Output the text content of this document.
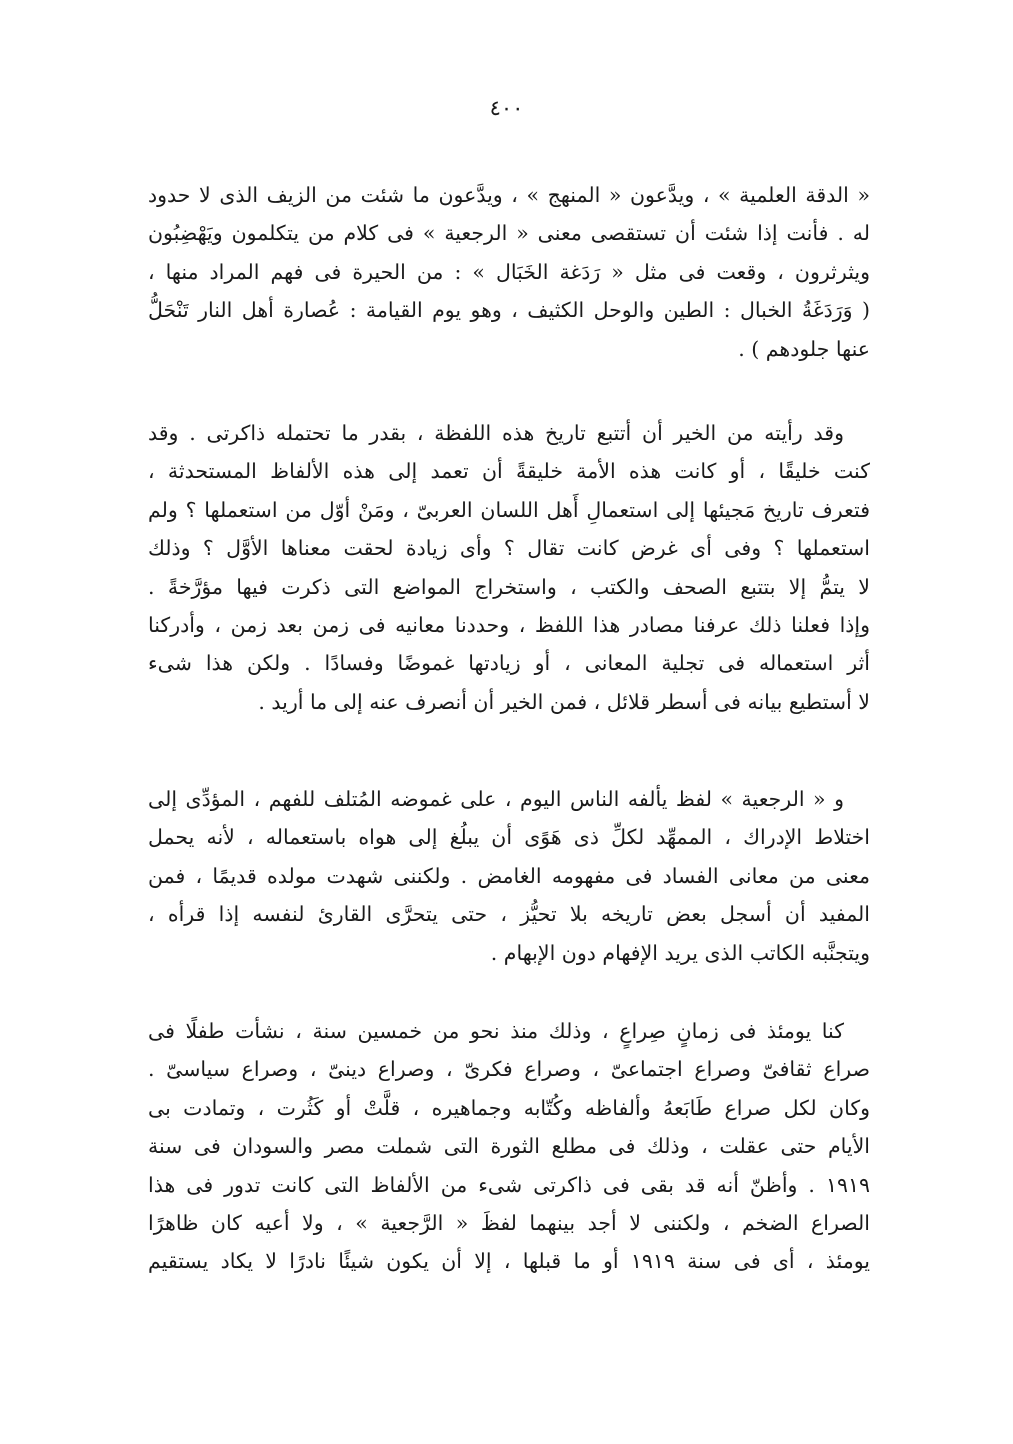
٤٠٠
« الدقة العلمية » ، ويدَّعون « المنهج » ، ويدَّعون ما شئت من الزيف الذى لا حدود
له . فأنت إذا شئت أن تستقصى معنى « الرجعية » فى كلام من يتكلمون ويَهْضِبُون
ويثرثرون ، وقعت فى مثل « رَدَغة الخَبَال » : من الحيرة فى فهم المراد منها ،
( وَرَدَغَةُ الخبال : الطين والوحل الكثيف ، وهو يوم القيامة : عُصارة أهل النار تَنْحَلُّ
عنها جلودهم ) .
وقد رأيته من الخير أن أتتبع تاريخ هذه اللفظة ، بقدر ما تحتمله ذاكرتى . وقد
كنت خليقًا ، أو كانت هذه الأمة خليقةً أن تعمد إلى هذه الألفاظ المستحدثة ،
فتعرف تاريخ مَجيئها إلى استعمالِ أَهل اللسان العربىّ ، ومَنْ أوّل من استعملها ؟ ولم
استعملها ؟ وفى أى غرض كانت تقال ؟ وأى زيادة لحقت معناها الأوَّل ؟ وذلك
لا يتمُّ إلا بتتبع الصحف والكتب ، واستخراج المواضع التى ذكرت فيها مؤرَّخةً .
وإذا فعلنا ذلك عرفنا مصادر هذا اللفظ ، وحددنا معانيه فى زمن بعد زمن ، وأدركنا
أثر استعماله فى تجلية المعانى ، أو زيادتها غموضًا وفسادًا . ولكن هذا شىء
لا أستطيع بيانه فى أسطر قلائل ، فمن الخير أن أنصرف عنه إلى ما أريد .
و « الرجعية » لفظ يألفه الناس اليوم ، على غموضه المُتلف للفهم ، المؤدِّى إلى
اختلاط الإدراك ، الممهِّد لكلِّ ذى هَوًى أن يبلُغ إلى هواه باستعماله ، لأنه يحمل
معنى من معانى الفساد فى مفهومه الغامض . ولكننى شهدت مولده قديمًا ، فمن
المفيد أن أسجل بعض تاريخه بلا تحيُّز ، حتى يتحرَّى القارئ لنفسه إذا قرأه ،
ويتجنَّبه الكاتب الذى يريد الإفهام دون الإبهام .
كنا يومئذ فى زمانٍ صِراعٍ ، وذلك منذ نحو من خمسين سنة ، نشأت طفلًا فى
صراع ثقافىّ وصراع اجتماعىّ ، وصراع فكرىّ ، وصراع دينىّ ، وصراع سياسىّ .
وكان لكل صراع طَابَعهُ وألفاظه وكُتّابه وجماهيره ، قلَّتْ أو كَثُرت ، وتمادت بى
الأيام حتى عقلت ، وذلك فى مطلع الثورة التى شملت مصر والسودان فى سنة
١٩١٩ . وأظنّ أنه قد بقى فى ذاكرتى شىء من الألفاظ التى كانت تدور فى هذا
الصراع الضخم ، ولكننى لا أجد بينهما لفظَ « الرَّجعية » ، ولا أعيه كان ظاهرًا
يومئذ ، أى فى سنة ١٩١٩ أو ما قبلها ، إلا أن يكون شيئًا نادرًا لا يكاد يستقيم
